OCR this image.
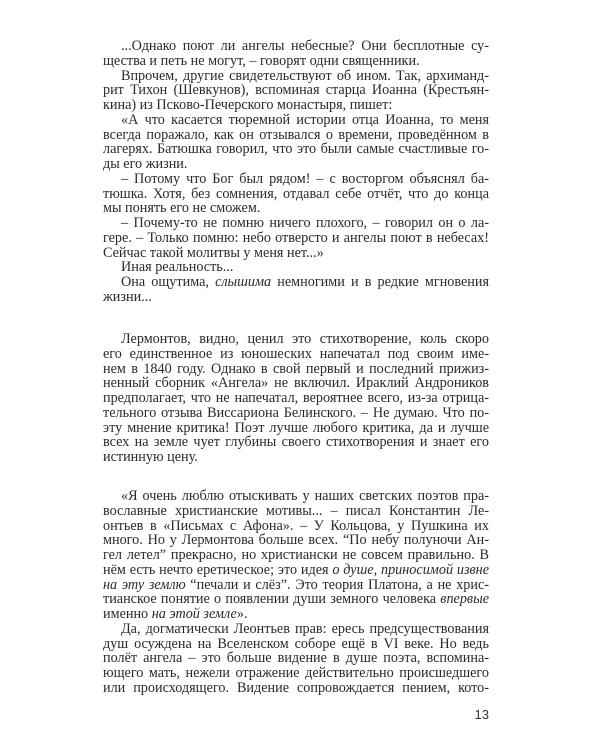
...Однако поют ли ангелы небесные? Они бесплотные су-
щества и петь не могут, – говорят одни священники.
Впрочем, другие свидетельствуют об ином. Так, архиманд-
рит Тихон (Шевкунов), вспоминая старца Иоанна (Крестьян-
кина) из Псково-Печерского монастыря, пишет:
«А что касается тюремной истории отца Иоанна, то меня
всегда поражало, как он отзывался о времени, проведённом в
лагерях. Батюшка говорил, что это были самые счастливые го-
ды его жизни.
– Потому что Бог был рядом! – с восторгом объяснял ба-
тюшка. Хотя, без сомнения, отдавал себе отчёт, что до конца
мы понять его не сможем.
– Почему-то не помню ничего плохого, – говорил он о ла-
гере. – Только помню: небо отверсто и ангелы поют в небесах!
Сейчас такой молитвы у меня нет...»
Иная реальность...
Она ощутима, слышима немногими и в редкие мгновения
жизни...
Лермонтов, видно, ценил это стихотворение, коль скоро
его единственное из юношеских напечатал под своим име-
нем в 1840 году. Однако в свой первый и последний прижиз-
ненный сборник «Ангела» не включил. Ираклий Андроников
предполагает, что не напечатал, вероятнее всего, из-за отрица-
тельного отзыва Виссариона Белинского. – Не думаю. Что по-
эту мнение критика! Поэт лучше любого критика, да и лучше
всех на земле чует глубины своего стихотворения и знает его
истинную цену.
«Я очень люблю отыскивать у наших светских поэтов пра-
вославные христианские мотивы... – писал Константин Ле-
онтьев в «Письмах с Афона». – У Кольцова, у Пушкина их
много. Но у Лермонтова больше всех. “По небу полуночи Ан-
гел летел” прекрасно, но христиански не совсем правильно. В
нём есть нечто еретическое; это идея о душе, приносимой извне
на эту землю “печали и слёз”. Это теория Платона, а не хрис-
тианское понятие о появлении души земного человека впервые
именно на этой земле».
Да, догматически Леонтьев прав: ересь предсуществования
душ осуждена на Вселенском соборе ещё в VI веке. Но ведь
полёт ангела – это больше видение в душе поэта, вспомина-
ющего мать, нежели отражение действительно происшедшего
или происходящего. Видение сопровождается пением, кото-
13
